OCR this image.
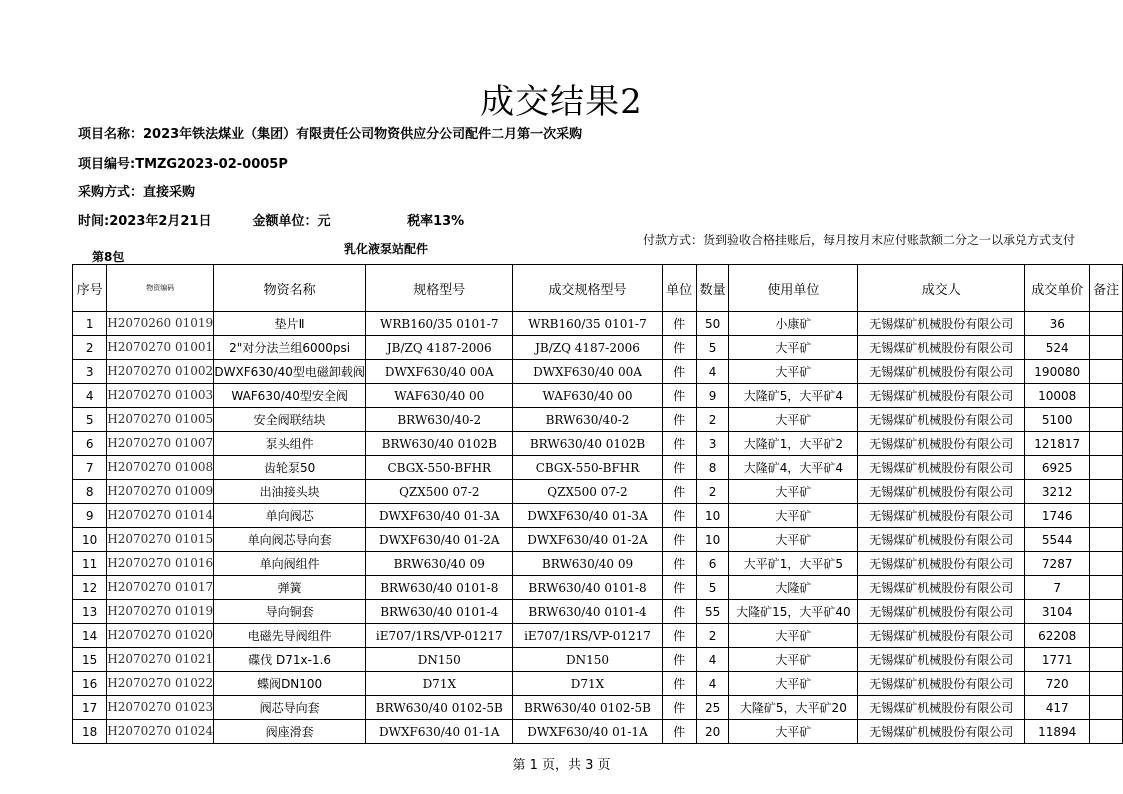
成交结果2
项目名称：2023年铁法煤业（集团）有限责任公司物资供应分公司配件二月第一次采购
项目编号:TMZG2023-02-0005P
采购方式：直接采购
时间:2023年2月21日	金额单位：元	税率13%
第8包
乳化液泵站配件
付款方式：货到验收合格挂账后，每月按月末应付账款额二分之一以承兑方式支付
序号	物资编码	物资名称	规格型号	成交规格型号	单位	数量	使用单位	成交人	成交单价	备注
1	H2070260 01019	垫片Ⅱ	WRB160/35 0101-7	WRB160/35 0101-7	件	50	小康矿	无锡煤矿机械股份有限公司	36	
2	H2070270 01001	2"对分法兰组6000psi	JB/ZQ 4187-2006	JB/ZQ 4187-2006	件	5	大平矿	无锡煤矿机械股份有限公司	524	
3	H2070270 01002	DWXF630/40型电磁卸载阀	DWXF630/40 00A	DWXF630/40 00A	件	4	大平矿	无锡煤矿机械股份有限公司	190080	
4	H2070270 01003	WAF630/40型安全阀	WAF630/40 00	WAF630/40 00	件	9	大隆矿5，大平矿4	无锡煤矿机械股份有限公司	10008	
5	H2070270 01005	安全阀联结块	BRW630/40-2	BRW630/40-2	件	2	大平矿	无锡煤矿机械股份有限公司	5100	
6	H2070270 01007	泵头组件	BRW630/40 0102B	BRW630/40 0102B	件	3	大隆矿1，大平矿2	无锡煤矿机械股份有限公司	121817	
7	H2070270 01008	齿轮泵50	CBGX-550-BFHR	CBGX-550-BFHR	件	8	大隆矿4，大平矿4	无锡煤矿机械股份有限公司	6925	
8	H2070270 01009	出油接头块	QZX500 07-2	QZX500 07-2	件	2	大平矿	无锡煤矿机械股份有限公司	3212	
9	H2070270 01014	单向阀芯	DWXF630/40 01-3A	DWXF630/40 01-3A	件	10	大平矿	无锡煤矿机械股份有限公司	1746	
10	H2070270 01015	单向阀芯导向套	DWXF630/40 01-2A	DWXF630/40 01-2A	件	10	大平矿	无锡煤矿机械股份有限公司	5544	
11	H2070270 01016	单向阀组件	BRW630/40 09	BRW630/40 09	件	6	大平矿1，大平矿5	无锡煤矿机械股份有限公司	7287	
12	H2070270 01017	弹簧	BRW630/40 0101-8	BRW630/40 0101-8	件	5	大隆矿	无锡煤矿机械股份有限公司	7	
13	H2070270 01019	导向铜套	BRW630/40 0101-4	BRW630/40 0101-4	件	55	大隆矿15，大平矿40	无锡煤矿机械股份有限公司	3104	
14	H2070270 01020	电磁先导阀组件	iE707/1RS/VP-01217	iE707/1RS/VP-01217	件	2	大平矿	无锡煤矿机械股份有限公司	62208	
15	H2070270 01021	碟伐 D71x-1.6	DN150	DN150	件	4	大平矿	无锡煤矿机械股份有限公司	1771	
16	H2070270 01022	蝶阀DN100	D71X	D71X	件	4	大平矿	无锡煤矿机械股份有限公司	720	
17	H2070270 01023	阀芯导向套	BRW630/40 0102-5B	BRW630/40 0102-5B	件	25	大隆矿5，大平矿20	无锡煤矿机械股份有限公司	417	
18	H2070270 01024	阀座滑套	DWXF630/40 01-1A	DWXF630/40 01-1A	件	20	大平矿	无锡煤矿机械股份有限公司	11894	
第 1 页，共 3 页
